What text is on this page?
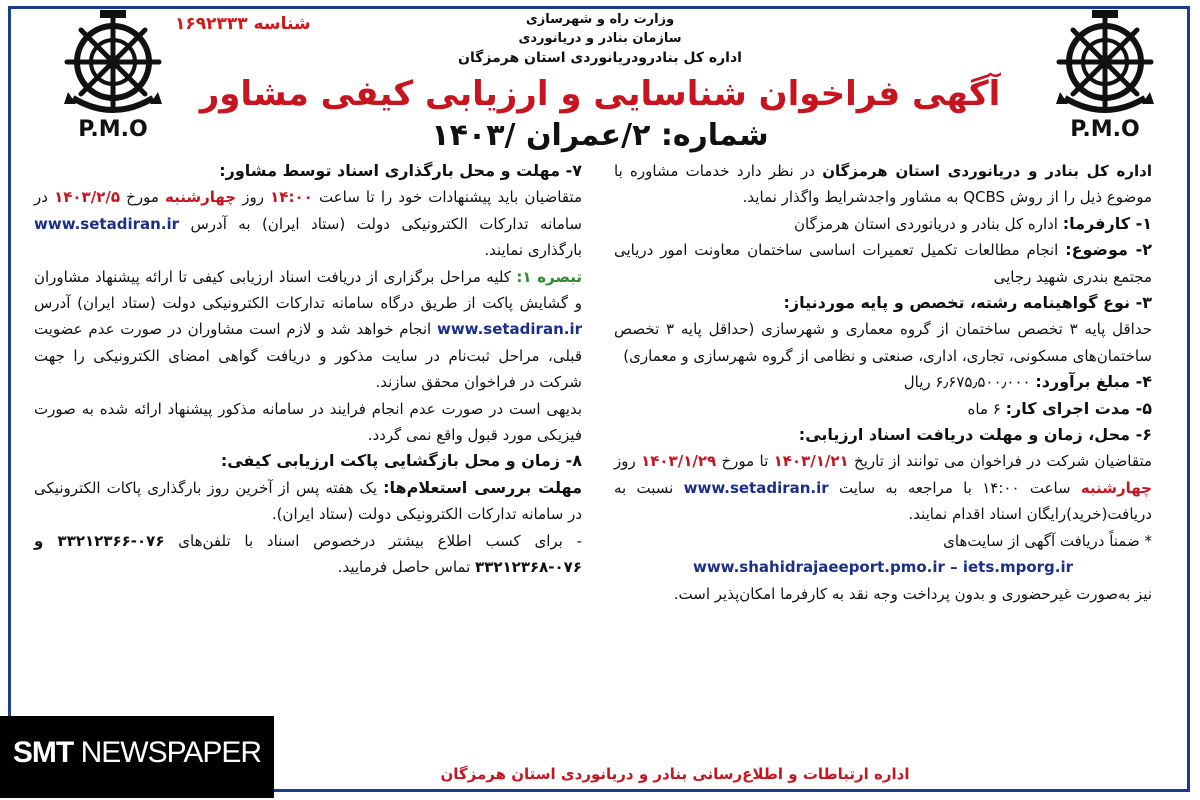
P.M.O
P.M.O
وزارت راه و شهرسازی
سازمان بنادر و دریانوردی
اداره کل بنادرودریانوردی استان هرمزگان
شناسه ۱۶۹۲۳۳۳
آگهی فراخوان شناسایی و ارزیابی کیفی مشاور
شماره: ۲/عمران /۱۴۰۳

اداره کل بنادر و دریانوردی استان هرمزگان در نظر دارد خدمات مشاوره با موضوع ذیل را از روش QCBS به مشاور واجدشرایط واگذار نماید.

۱- کارفرما: اداره کل بنادر و دریانوردی استان هرمزگان

۲- موضوع: انجام مطالعات تکمیل تعمیرات اساسی ساختمان معاونت امور دریایی مجتمع بندری شهید رجایی

۳- نوع گواهینامه رشته، تخصص و پایه موردنیاز:

حداقل پایه ۳ تخصص ساختمان از گروه معماری و شهرسازی (حداقل پایه ۳ تخصص ساختمان‌های مسکونی، تجاری، اداری، صنعتی و نظامی از گروه شهرسازی و معماری)

۴- مبلغ برآورد: ۶٫۶۷۵٫۵۰۰٫۰۰۰ ریال

۵- مدت اجرای کار: ۶ ماه

۶- محل، زمان و مهلت دریافت اسناد ارزیابی:

متقاضیان شرکت در فراخوان می توانند از تاریخ ۱۴۰۳/۱/۲۱ تا مورخ ۱۴۰۳/۱/۲۹ روز چهارشنبه ساعت ۱۴:۰۰ با مراجعه به سایت www.setadiran.ir نسبت به دریافت(خرید)رایگان اسناد اقدام نمایند.

* ضمناً دریافت آگهی از سایت‌های

www.shahidrajaeeport.pmo.ir – iets.mporg.ir

نیز به‌صورت غیرحضوری و بدون پرداخت وجه نقد به کارفرما امکان‌پذیر است.

۷- مهلت و محل بارگذاری اسناد توسط مشاور:

متقاضیان باید پیشنهادات خود را تا ساعت ۱۴:۰۰ روز چهارشنبه مورخ ۱۴۰۳/۲/۵ در سامانه تدارکات الکترونیکی دولت (ستاد ایران) به آدرس www.setadiran.ir بارگذاری نمایند.

تبصره ۱: کلیه مراحل برگزاری از دریافت اسناد ارزیابی کیفی تا ارائه پیشنهاد مشاوران و گشایش پاکت از طریق درگاه سامانه تدارکات الکترونیکی دولت (ستاد ایران) آدرس www.setadiran.ir انجام خواهد شد و لازم است مشاوران در صورت عدم عضویت قبلی، مراحل ثبت‌نام در سایت مذکور و دریافت گواهی امضای الکترونیکی را جهت شرکت در فراخوان محقق سازند.

بدیهی است در صورت عدم انجام فرایند در سامانه مذکور پیشنهاد ارائه شده به صورت فیزیکی مورد قبول واقع نمی گردد.

۸- زمان و محل بازگشایی پاکت ارزیابی کیفی:

مهلت بررسی استعلام‌ها: یک هفته پس از آخرین روز بارگذاری پاکات الکترونیکی در سامانه تدارکات الکترونیکی دولت (ستاد ایران).

- برای کسب اطلاع بیشتر درخصوص اسناد با تلفن‌های ۰۷۶-۳۳۲۱۲۳۶۶ و ۰۷۶-۳۳۲۱۲۳۶۸ تماس حاصل فرمایید.

اداره ارتباطات و اطلاع‌رسانی بنادر و دریانوردی استان هرمزگان
SMT NEWSPAPER
